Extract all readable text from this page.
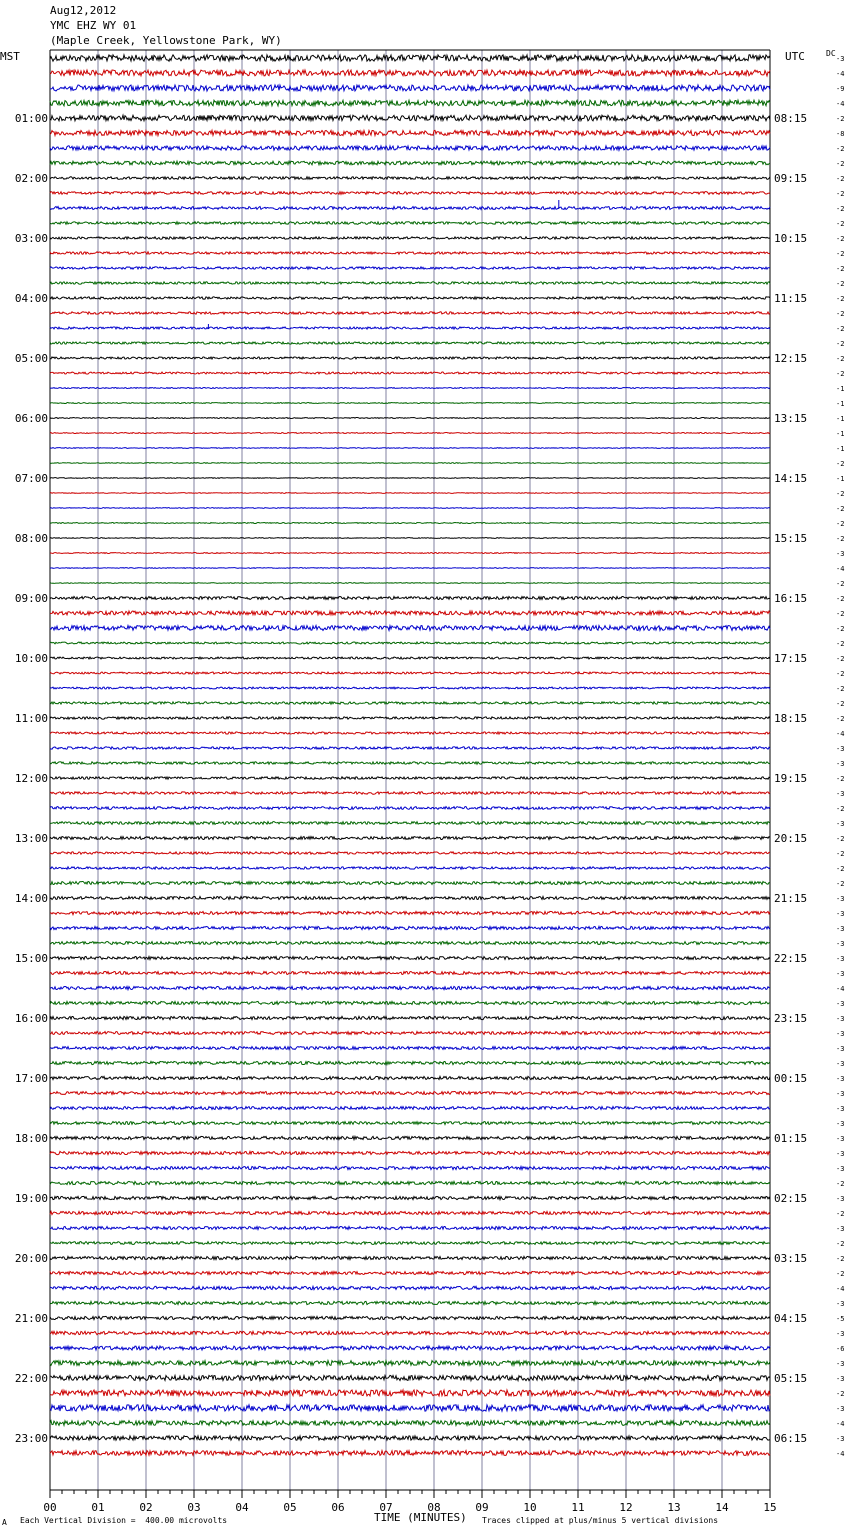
01:00
02:00
03:00
04:00
05:00
06:00
07:00
08:00
09:00
10:00
11:00
12:00
13:00
14:00
15:00
16:00
17:00
18:00
19:00
20:00
21:00
22:00
23:00
08:15
09:15
10:15
11:15
12:15
13:15
14:15
15:15
16:15
17:15
18:15
19:15
20:15
21:15
22:15
23:15
00:15
01:15
02:15
03:15
04:15
05:15
06:15
-3
-4
-9
-4
-2
-8
-2
-2
-2
-2
-2
-2
-2
-2
-2
-2
-2
-2
-2
-2
-2
-2
-1
-1
-1
-1
-1
-2
-1
-2
-2
-2
-2
-3
-4
-2
-2
-2
-2
-2
-2
-2
-2
-2
-2
-4
-3
-3
-2
-3
-2
-3
-2
-2
-2
-2
-3
-3
-3
-3
-3
-3
-4
-3
-3
-3
-3
-3
-3
-3
-3
-3
-3
-3
-3
-2
-3
-2
-3
-2
-2
-2
-4
-3
-5
-3
-6
-3
-3
-2
-3
-4
-3
-4
00	01	02	03	04	05	06	07	08	09	10	11	12	13	14	15
Aug12,2012
YMC EHZ WY 01
(Maple Creek, Yellowstone Park, WY)
MST	UTC	DC
A Each Vertical Division =  400.00 microvolts	TIME (MINUTES) Traces clipped at plus/minus 5 vertical divisions
